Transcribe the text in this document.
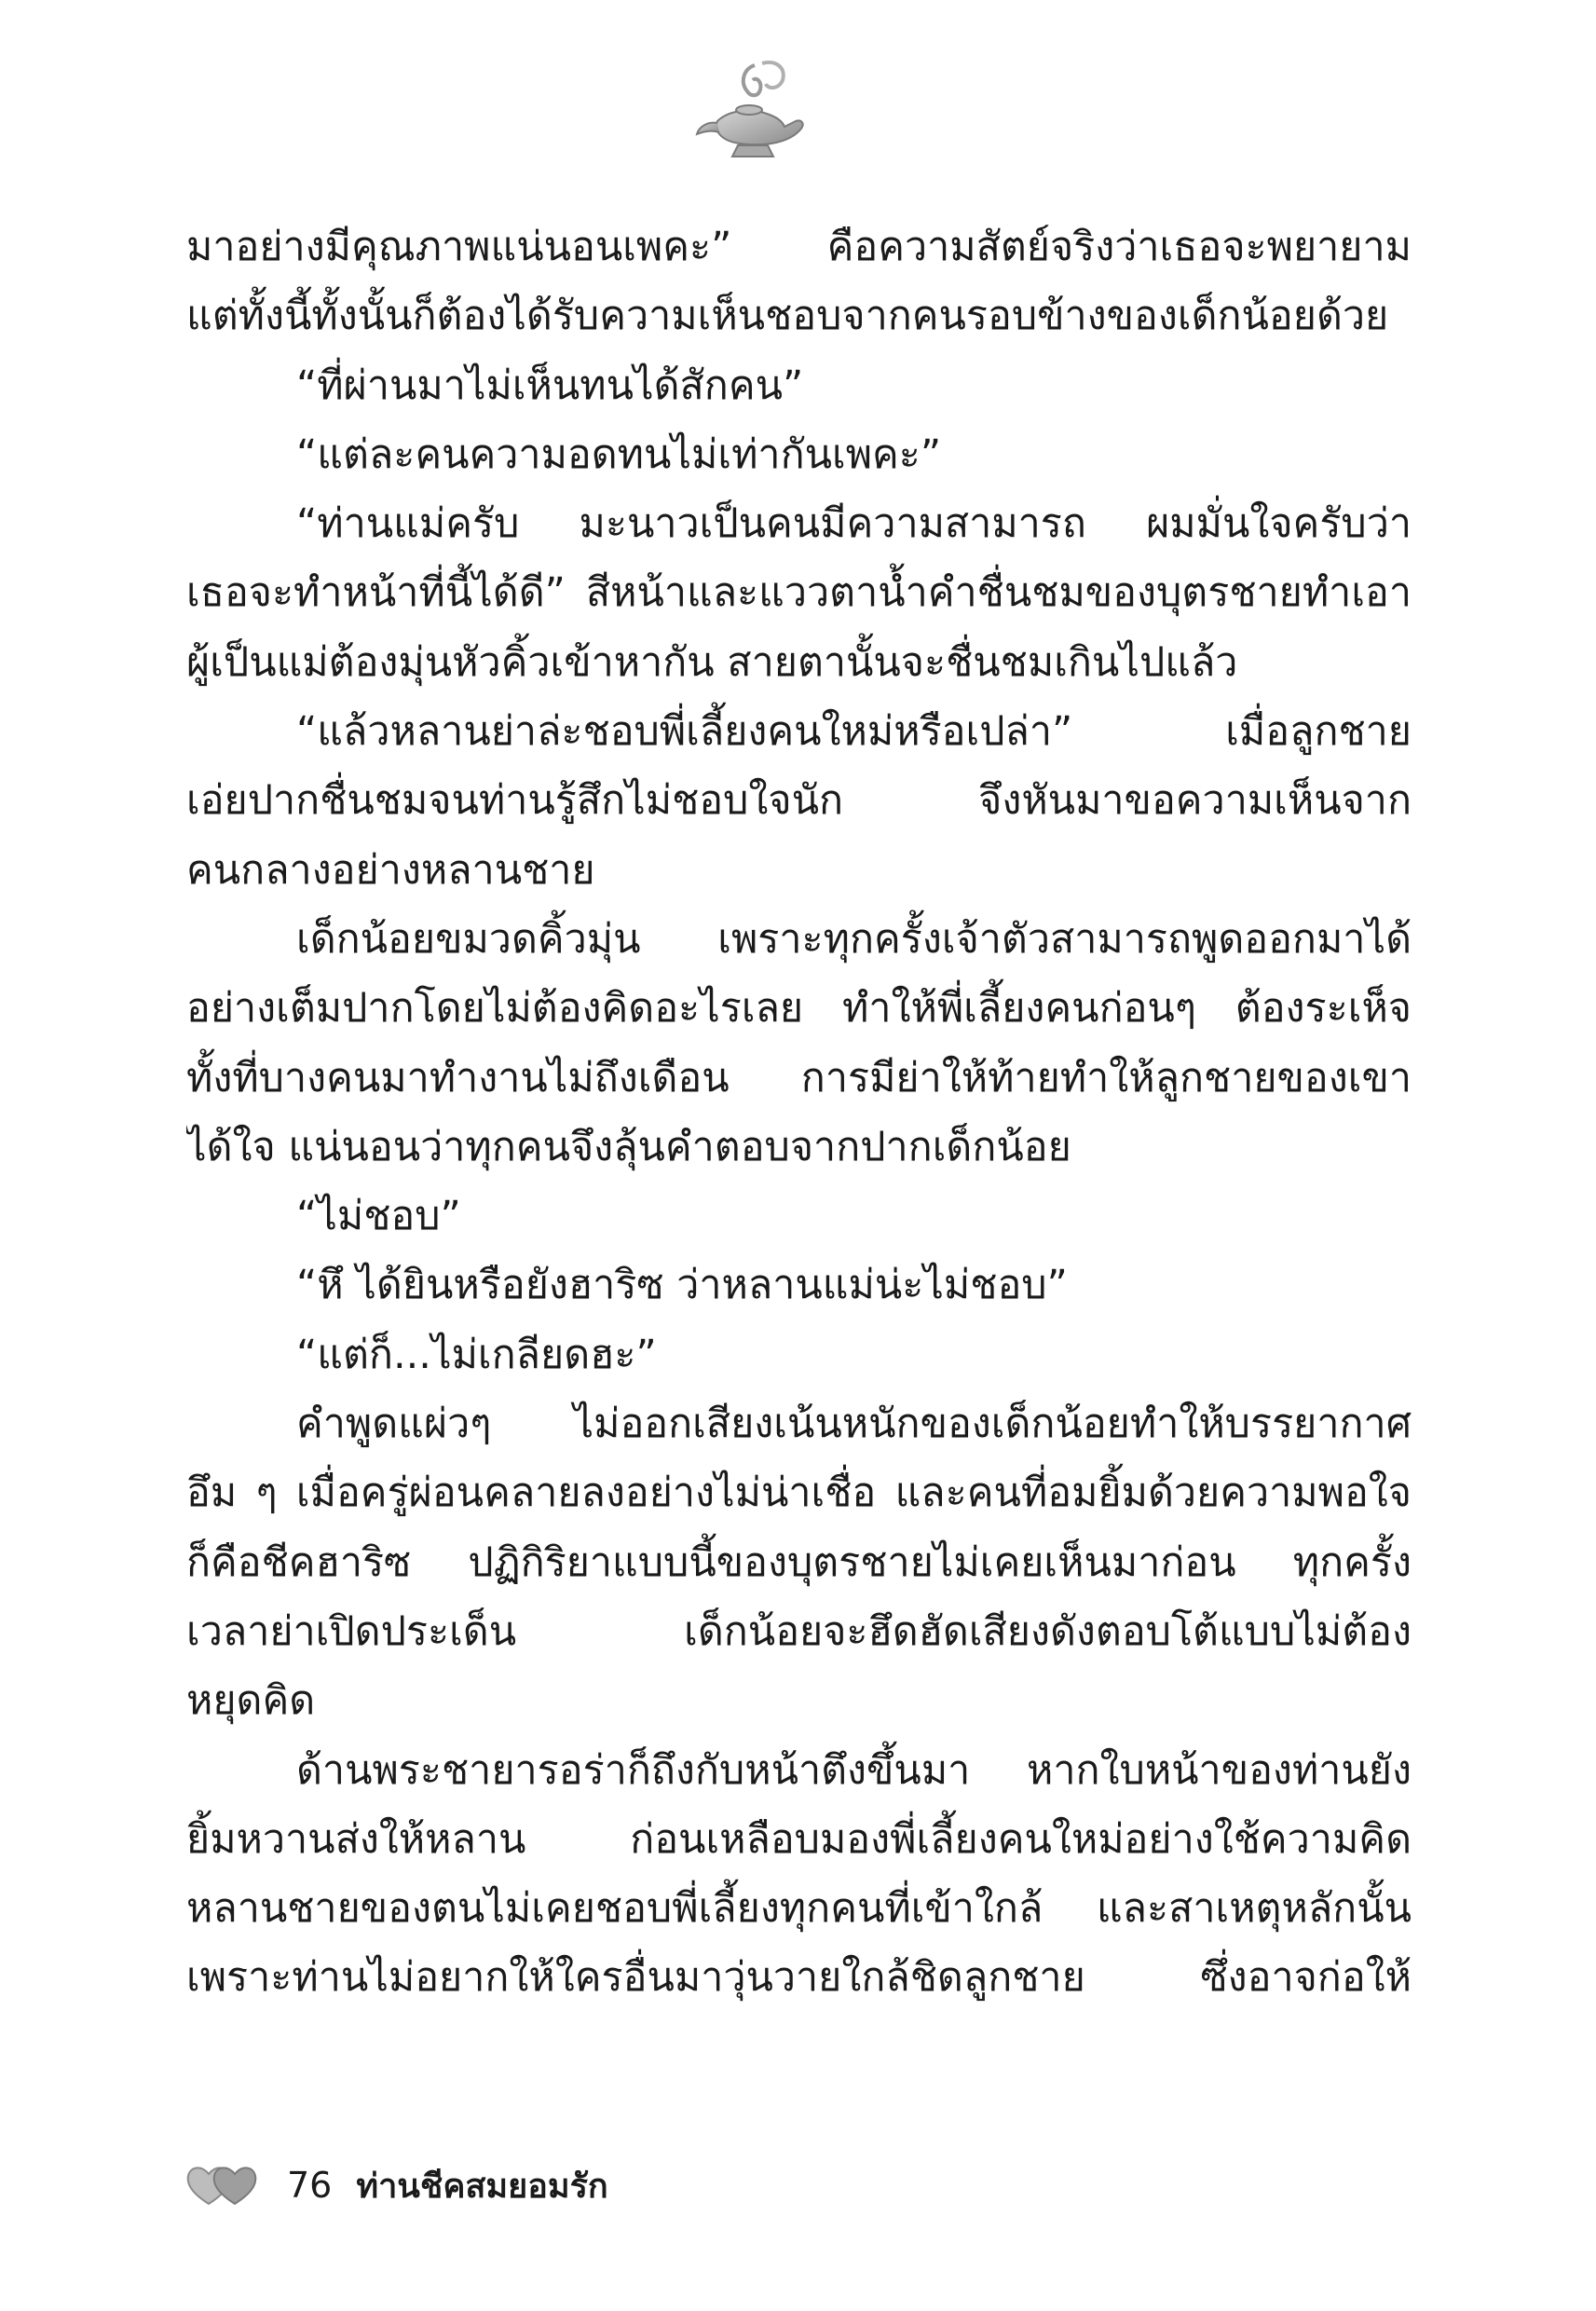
มาอย่างมีคุณภาพแน่นอนเพคะ” คือความสัตย์จริงว่าเธอจะพยายาม
แต่ทั้งนี้ทั้งนั้นก็ต้องได้รับความเห็นชอบจากคนรอบข้างของเด็กน้อยด้วย
“ที่ผ่านมาไม่เห็นทนได้สักคน”
“แต่ละคนความอดทนไม่เท่ากันเพคะ”
“ท่านแม่ครับ มะนาวเป็นคนมีความสามารถ ผมมั่นใจครับว่า
เธอจะทำหน้าที่นี้ได้ดี” สีหน้าและแววตาน้ำคำชื่นชมของบุตรชายทำเอา
ผู้เป็นแม่ต้องมุ่นหัวคิ้วเข้าหากัน สายตานั้นจะชื่นชมเกินไปแล้ว
“แล้วหลานย่าล่ะชอบพี่เลี้ยงคนใหม่หรือเปล่า” เมื่อลูกชาย
เอ่ยปากชื่นชมจนท่านรู้สึกไม่ชอบใจนัก จึงหันมาขอความเห็นจาก
คนกลางอย่างหลานชาย
เด็กน้อยขมวดคิ้วมุ่น เพราะทุกครั้งเจ้าตัวสามารถพูดออกมาได้
อย่างเต็มปากโดยไม่ต้องคิดอะไรเลย ทำให้พี่เลี้ยงคนก่อนๆ ต้องระเห็จ
ทั้งที่บางคนมาทำงานไม่ถึงเดือน การมีย่าให้ท้ายทำให้ลูกชายของเขา
ได้ใจ แน่นอนว่าทุกคนจึงลุ้นคำตอบจากปากเด็กน้อย
“ไม่ชอบ”
“หึ ได้ยินหรือยังฮาริซ ว่าหลานแม่น่ะไม่ชอบ”
“แต่ก็...ไม่เกลียดฮะ”
คำพูดแผ่วๆ ไม่ออกเสียงเน้นหนักของเด็กน้อยทำให้บรรยากาศ
อึม ๆ เมื่อครู่ผ่อนคลายลงอย่างไม่น่าเชื่อ และคนที่อมยิ้มด้วยความพอใจ
ก็คือชีคฮาริซ ปฏิกิริยาแบบนี้ของบุตรชายไม่เคยเห็นมาก่อน ทุกครั้ง
เวลาย่าเปิดประเด็น เด็กน้อยจะฮึดฮัดเสียงดังตอบโต้แบบไม่ต้อง
หยุดคิด
ด้านพระชายารอร่าก็ถึงกับหน้าตึงขึ้นมา หากใบหน้าของท่านยัง
ยิ้มหวานส่งให้หลาน ก่อนเหลือบมองพี่เลี้ยงคนใหม่อย่างใช้ความคิด
หลานชายของตนไม่เคยชอบพี่เลี้ยงทุกคนที่เข้าใกล้ และสาเหตุหลักนั้น
เพราะท่านไม่อยากให้ใครอื่นมาวุ่นวายใกล้ชิดลูกชาย ซึ่งอาจก่อให้
76 ท่านชีคสมยอมรัก
